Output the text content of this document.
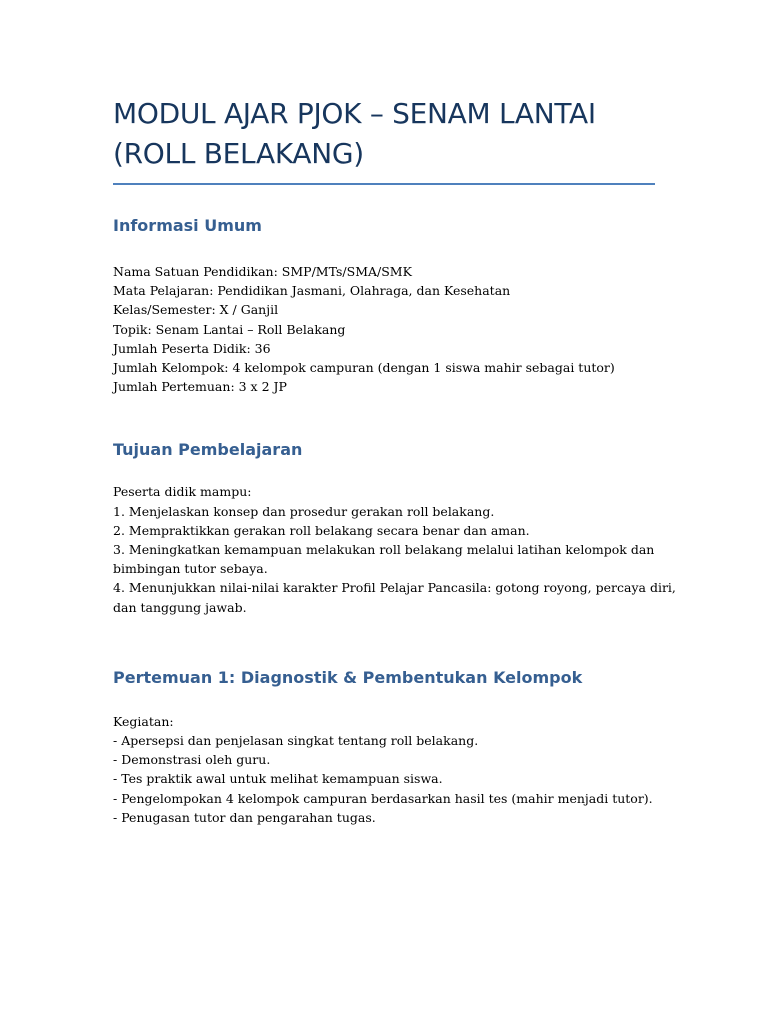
MODUL AJAR PJOK – SENAM LANTAI
(ROLL BELAKANG)
Informasi Umum
Nama Satuan Pendidikan: SMP/MTs/SMA/SMK
Mata Pelajaran: Pendidikan Jasmani, Olahraga, dan Kesehatan
Kelas/Semester: X / Ganjil
Topik: Senam Lantai – Roll Belakang
Jumlah Peserta Didik: 36
Jumlah Kelompok: 4 kelompok campuran (dengan 1 siswa mahir sebagai tutor)
Jumlah Pertemuan: 3 x 2 JP
Tujuan Pembelajaran
Peserta didik mampu:
1. Menjelaskan konsep dan prosedur gerakan roll belakang.
2. Mempraktikkan gerakan roll belakang secara benar dan aman.
3. Meningkatkan kemampuan melakukan roll belakang melalui latihan kelompok dan
bimbingan tutor sebaya.
4. Menunjukkan nilai-nilai karakter Profil Pelajar Pancasila: gotong royong, percaya diri,
dan tanggung jawab.
Pertemuan 1: Diagnostik & Pembentukan Kelompok
Kegiatan:
- Apersepsi dan penjelasan singkat tentang roll belakang.
- Demonstrasi oleh guru.
- Tes praktik awal untuk melihat kemampuan siswa.
- Pengelompokan 4 kelompok campuran berdasarkan hasil tes (mahir menjadi tutor).
- Penugasan tutor dan pengarahan tugas.
